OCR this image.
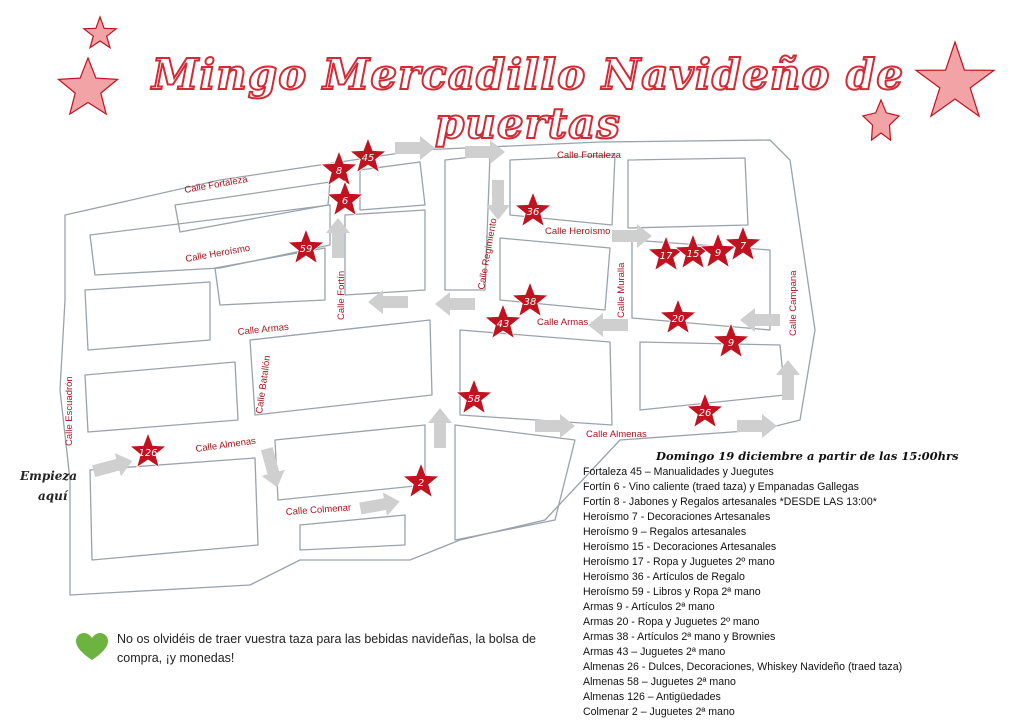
Calle Fortaleza
Calle Fortaleza
Calle Heroísmo
Calle Heroísmo
Calle Armas	Calle Armas
Calle Almenas
Calle Almenas
Calle Colmenar
Calle Fortín
Calle Regimiento	Calle Muralla	Calle Campana
Calle Batallón
Calle Escuadrón
8
45
6
59
36
17 15 9
7
38
43	20
9
58
26
126
2
Mingo Mercadillo Navideño de puertas
Empieza
aquí
Domingo 19 diciembre a partir de las 15:00hrs
Fortaleza 45 – Manualidades y Juegutes
Fortín 6 - Vino caliente (traed taza) y Empanadas Gallegas
Fortín 8 - Jabones y Regalos artesanales *DESDE LAS 13:00*
Heroísmo 7 - Decoraciones Artesanales
Heroísmo 9 – Regalos artesanales
Heroísmo 15 - Decoraciones Artesanales
Heroísmo 17 - Ropa y Juguetes 2º mano
Heroísmo 36 - Artículos de Regalo
Heroísmo 59 - Libros y Ropa 2ª mano
Armas 9 - Artículos 2ª mano
Armas 20 - Ropa y Juguetes 2º mano
Armas 38 - Artículos 2ª mano y Brownies
Armas 43 – Juguetes 2ª mano
Almenas 26 - Dulces, Decoraciones, Whiskey Navideño (traed taza)
Almenas 58 – Juguetes 2ª mano
Almenas 126 – Antigüedades
Colmenar 2 – Juguetes 2ª mano
No os olvidéis de traer vuestra taza para las bebidas navideñas, la bolsa de compra, ¡y monedas!
